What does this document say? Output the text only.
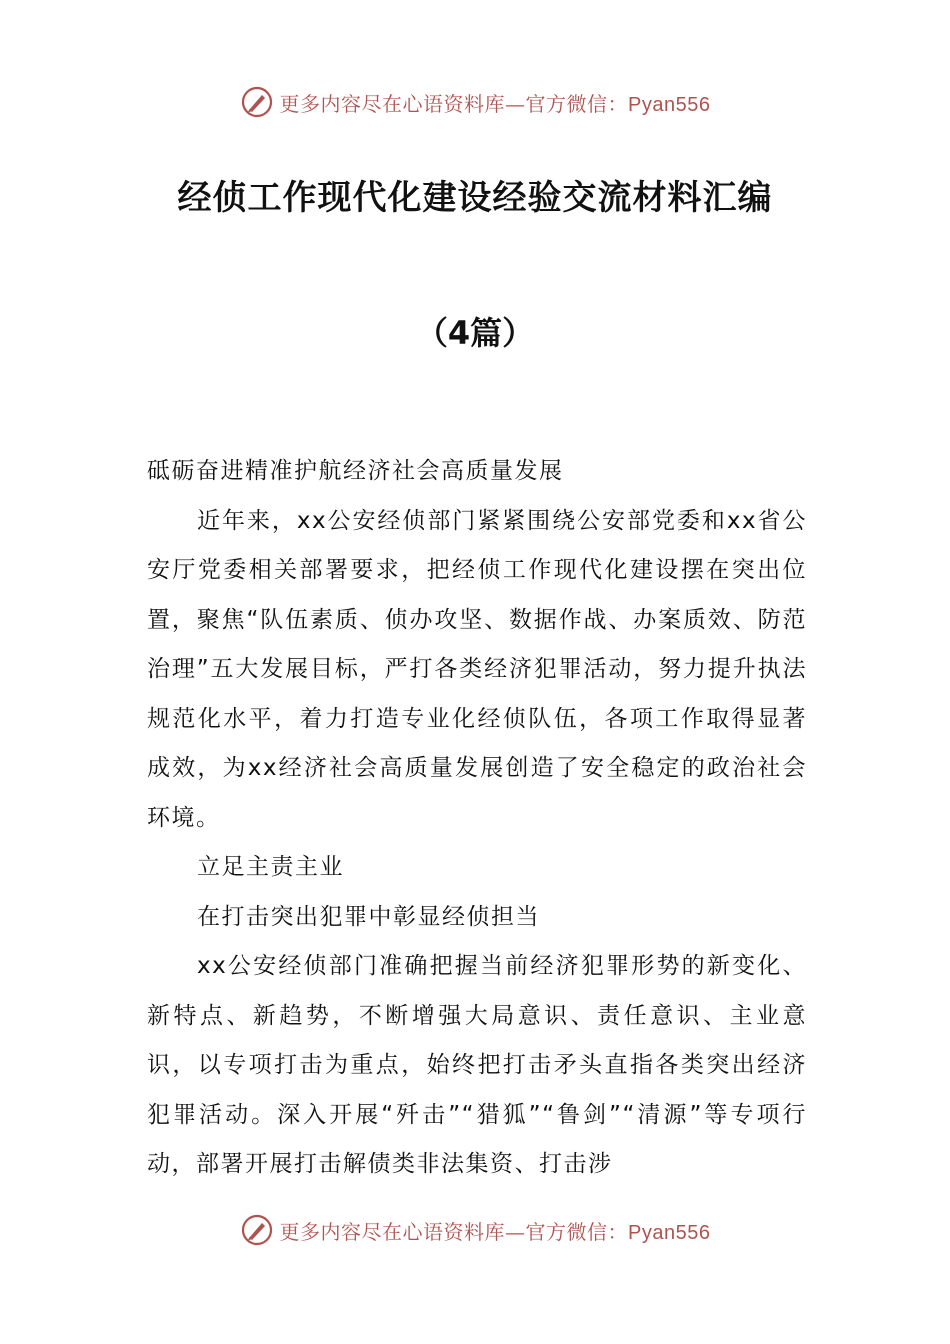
更多内容尽在心语资料库—官方微信：Pyan556
经侦工作现代化建设经验交流材料汇编
（4篇）

砥砺奋进精准护航经济社会高质量发展

近年来，xx公安经侦部门紧紧围绕公安部党委和xx省公安厅党委相关部署要求，把经侦工作现代化建设摆在突出位置，聚焦“队伍素质、侦办攻坚、数据作战、办案质效、防范治理”五大发展目标，严打各类经济犯罪活动，努力提升执法规范化水平，着力打造专业化经侦队伍，各项工作取得显著成效，为xx经济社会高质量发展创造了安全稳定的政治社会环境。

立足主责主业

在打击突出犯罪中彰显经侦担当

xx公安经侦部门准确把握当前经济犯罪形势的新变化、新特点、新趋势，不断增强大局意识、责任意识、主业意识，以专项打击为重点，始终把打击矛头直指各类突出经济犯罪活动。深入开展“歼击”“猎狐”“鲁剑”“清源”等专项行动，部署开展打击解债类非法集资、打击涉

更多内容尽在心语资料库—官方微信：Pyan556
